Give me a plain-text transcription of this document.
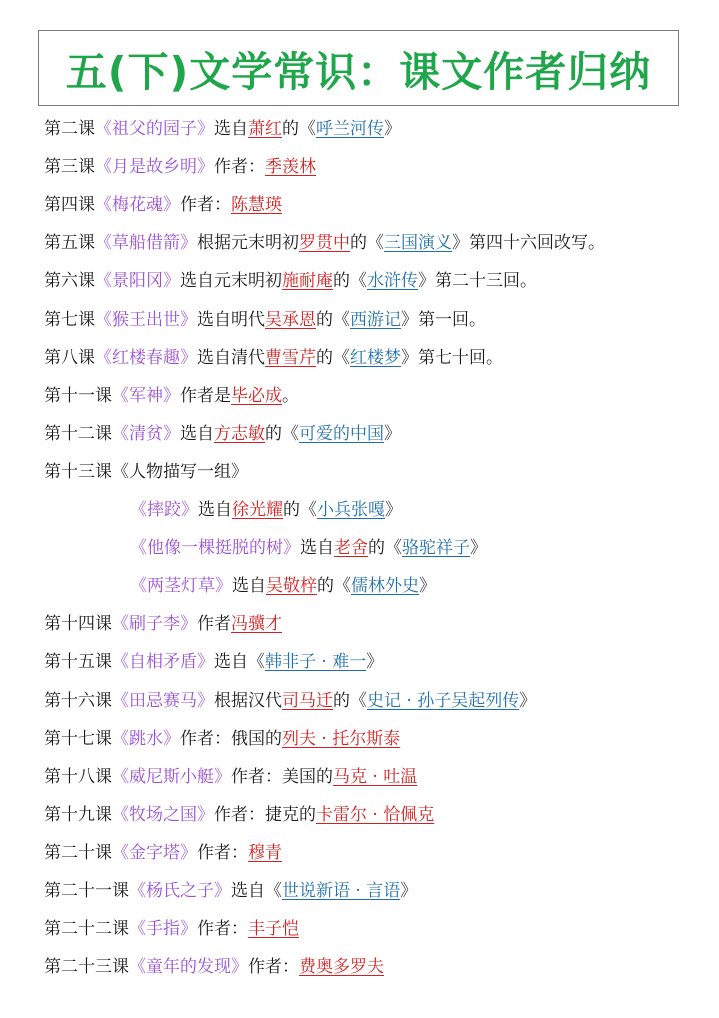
五(下)文学常识：课文作者归纳
第二课《祖父的园子》选自萧红的《呼兰河传》
第三课《月是故乡明》作者：季羡林
第四课《梅花魂》作者：陈慧瑛
第五课《草船借箭》根据元末明初罗贯中的《三国演义》第四十六回改写。
第六课《景阳冈》选自元末明初施耐庵的《水浒传》第二十三回。
第七课《猴王出世》选自明代吴承恩的《西游记》第一回。
第八课《红楼春趣》选自清代曹雪芹的《红楼梦》第七十回。
第十一课《军神》作者是毕必成。
第十二课《清贫》选自方志敏的《可爱的中国》
第十三课《人物描写一组》
《摔跤》选自徐光耀的《小兵张嘎》
《他像一棵挺脱的树》选自老舍的《骆驼祥子》
《两茎灯草》选自吴敬梓的《儒林外史》
第十四课《刷子李》作者冯骥才
第十五课《自相矛盾》选自《韩非子 · 难一》
第十六课《田忌赛马》根据汉代司马迁的《史记 · 孙子吴起列传》
第十七课《跳水》作者：俄国的列夫 · 托尔斯泰
第十八课《威尼斯小艇》作者：美国的马克 · 吐温
第十九课《牧场之国》作者：捷克的卡雷尔 · 恰佩克
第二十课《金字塔》作者：穆青
第二十一课《杨氏之子》选自《世说新语 · 言语》
第二十二课《手指》作者：丰子恺
第二十三课《童年的发现》作者：费奥多罗夫
